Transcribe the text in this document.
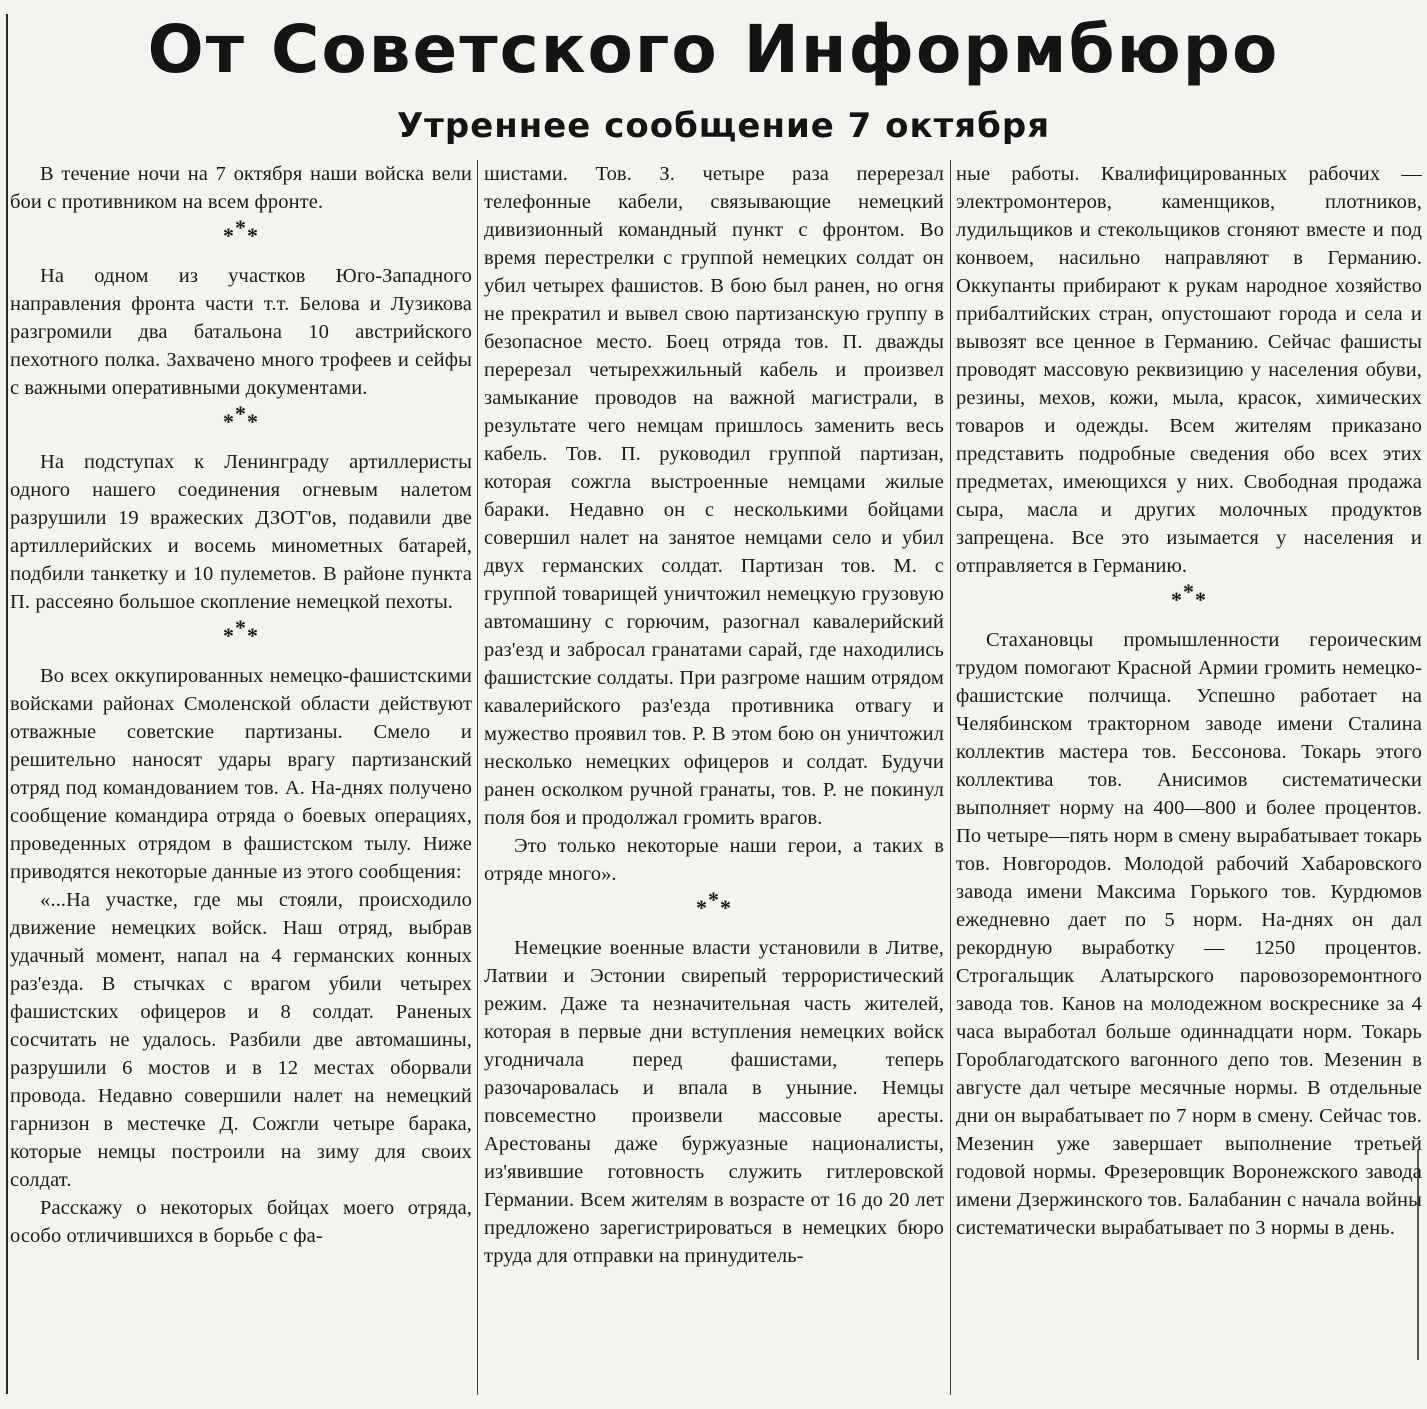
От Советского Информбюро
Утреннее сообщение 7 октября

В течение ночи на 7 октября наши войска вели бои с противником на всем фронте.

***

На одном из участков Юго-Западного направления фронта части т.т. Белова и Лузикова разгромили два батальона 10 австрийского пехотного полка. Захвачено много трофеев и сейфы с важными оперативными документами.

***

На подступах к Ленинграду артиллеристы одного нашего соединения огневым налетом разрушили 19 вражеских ДЗОТ'ов, подавили две артиллерийских и восемь минометных батарей, подбили танкетку и 10 пулеметов. В районе пункта П. рассеяно большое скопление немецкой пехоты.

***

Во всех оккупированных немецко-фашистскими войсками районах Смоленской области действуют отважные советские партизаны. Смело и решительно наносят удары врагу партизанский отряд под командованием тов. А. На-днях получено сообщение командира отряда о боевых операциях, проведенных отрядом в фашистском тылу. Ниже приводятся некоторые данные из этого сообщения:

«...На участке, где мы стояли, происходило движение немецких войск. Наш отряд, выбрав удачный момент, напал на 4 германских конных раз'езда. В стычках с врагом убили четырех фашистских офицеров и 8 солдат. Раненых сосчитать не удалось. Разбили две автомашины, разрушили 6 мостов и в 12 местах оборвали провода. Недавно совершили налет на немецкий гарнизон в местечке Д. Сожгли четыре барака, которые немцы построили на зиму для своих солдат.

Расскажу о некоторых бойцах моего отряда, особо отличившихся в борьбе с фа-

шистами. Тов. З. четыре раза перерезал телефонные кабели, связывающие немецкий дивизионный командный пункт с фронтом. Во время перестрелки с группой немецких солдат он убил четырех фашистов. В бою был ранен, но огня не прекратил и вывел свою партизанскую группу в безопасное место. Боец отряда тов. П. дважды перерезал четырехжильный кабель и произвел замыкание проводов на важной магистрали, в результате чего немцам пришлось заменить весь кабель. Тов. П. руководил группой партизан, которая сожгла выстроенные немцами жилые бараки. Недавно он с несколькими бойцами совершил налет на занятое немцами село и убил двух германских солдат. Партизан тов. М. с группой товарищей уничтожил немецкую грузовую автомашину с горючим, разогнал кавалерийский раз'езд и забросал гранатами сарай, где находились фашистские солдаты. При разгроме нашим отрядом кавалерийского раз'езда противника отвагу и мужество проявил тов. Р. В этом бою он уничтожил несколько немецких офицеров и солдат. Будучи ранен осколком ручной гранаты, тов. Р. не покинул поля боя и продолжал громить врагов.

Это только некоторые наши герои, а таких в отряде много».

***

Немецкие военные власти установили в Литве, Латвии и Эстонии свирепый террористический режим. Даже та незначительная часть жителей, которая в первые дни вступления немецких войск угодничала перед фашистами, теперь разочаровалась и впала в уныние. Немцы повсеместно произвели массовые аресты. Арестованы даже буржуазные националисты, из'явившие готовность служить гитлеровской Германии. Всем жителям в возрасте от 16 до 20 лет предложено зарегистрироваться в немецких бюро труда для отправки на принудитель-

ные работы. Квалифицированных рабочих — электромонтеров, каменщиков, плотников, лудильщиков и стекольщиков сгоняют вместе и под конвоем, насильно направляют в Германию. Оккупанты прибирают к рукам народное хозяйство прибалтийских стран, опустошают города и села и вывозят все ценное в Германию. Сейчас фашисты проводят массовую реквизицию у населения обуви, резины, мехов, кожи, мыла, красок, химических товаров и одежды. Всем жителям приказано представить подробные сведения обо всех этих предметах, имеющихся у них. Свободная продажа сыра, масла и других молочных продуктов запрещена. Все это изымается у населения и отправляется в Германию.

***

Стахановцы промышленности героическим трудом помогают Красной Армии громить немецко-фашистские полчища. Успешно работает на Челябинском тракторном заводе имени Сталина коллектив мастера тов. Бессонова. Токарь этого коллектива тов. Анисимов систематически выполняет норму на 400—800 и более процентов. По четыре—пять норм в смену вырабатывает токарь тов. Новгородов. Молодой рабочий Хабаровского завода имени Максима Горького тов. Курдюмов ежедневно дает по 5 норм. На-днях он дал рекордную выработку — 1250 процентов. Строгальщик Алатырского паровозоремонтного завода тов. Канов на молодежном воскреснике за 4 часа выработал больше одиннадцати норм. Токарь Гороблагодатского вагонного депо тов. Мезенин в августе дал четыре месячные нормы. В отдельные дни он вырабатывает по 7 норм в смену. Сейчас тов. Мезенин уже завершает выполнение третьей годовой нормы. Фрезеровщик Воронежского завода имени Дзержинского тов. Балабанин с начала войны систематически вырабатывает по 3 нормы в день.
